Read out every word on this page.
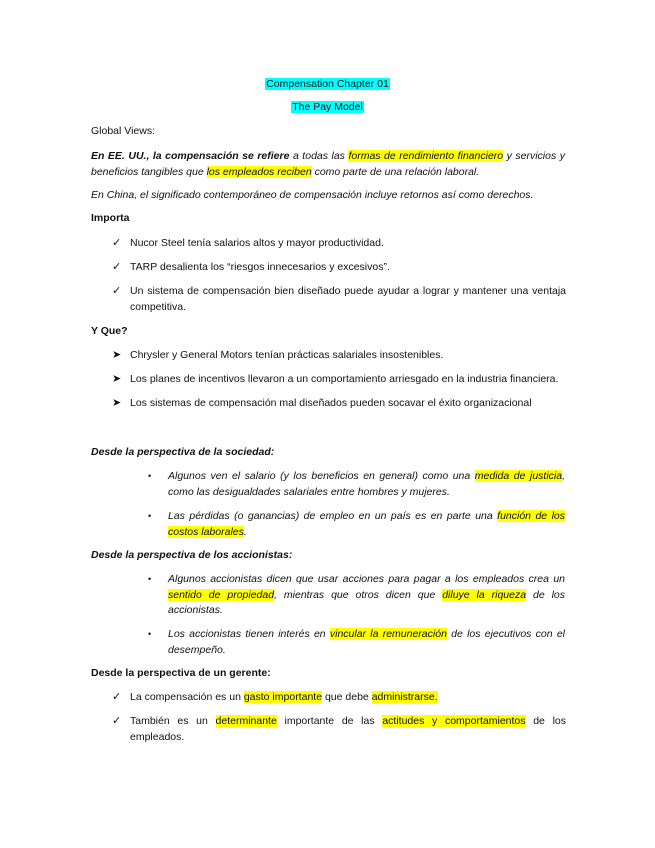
Compensation Chapter 01
The Pay Model
Global Views:
En EE. UU., la compensación se refiere a todas las formas de rendimiento financiero y servicios y beneficios tangibles que los empleados reciben como parte de una relación laboral.
En China, el significado contemporáneo de compensación incluye retornos así como derechos.
Importa
✓ Nucor Steel tenía salarios altos y mayor productividad.
✓ TARP desalienta los “riesgos innecesarios y excesivos”.
✓ Un sistema de compensación bien diseñado puede ayudar a lograr y mantener una ventaja competitiva.
Y Que?
➤ Chrysler y General Motors tenían prácticas salariales insostenibles.
➤ Los planes de incentivos llevaron a un comportamiento arriesgado en la industria financiera.
➤ Los sistemas de compensación mal diseñados pueden socavar el éxito organizacional
Desde la perspectiva de la sociedad:
• Algunos ven el salario (y los beneficios en general) como una medida de justicia, como las desigualdades salariales entre hombres y mujeres.
• Las pérdidas (o ganancias) de empleo en un país es en parte una función de los costos laborales.
Desde la perspectiva de los accionistas:
• Algunos accionistas dicen que usar acciones para pagar a los empleados crea un sentido de propiedad, mientras que otros dicen que diluye la riqueza de los accionistas.
• Los accionistas tienen interés en vincular la remuneración de los ejecutivos con el desempeño.
Desde la perspectiva de un gerente:
✓ La compensación es un gasto importante que debe administrarse.
✓ También es un determinante importante de las actitudes y comportamientos de los empleados.
